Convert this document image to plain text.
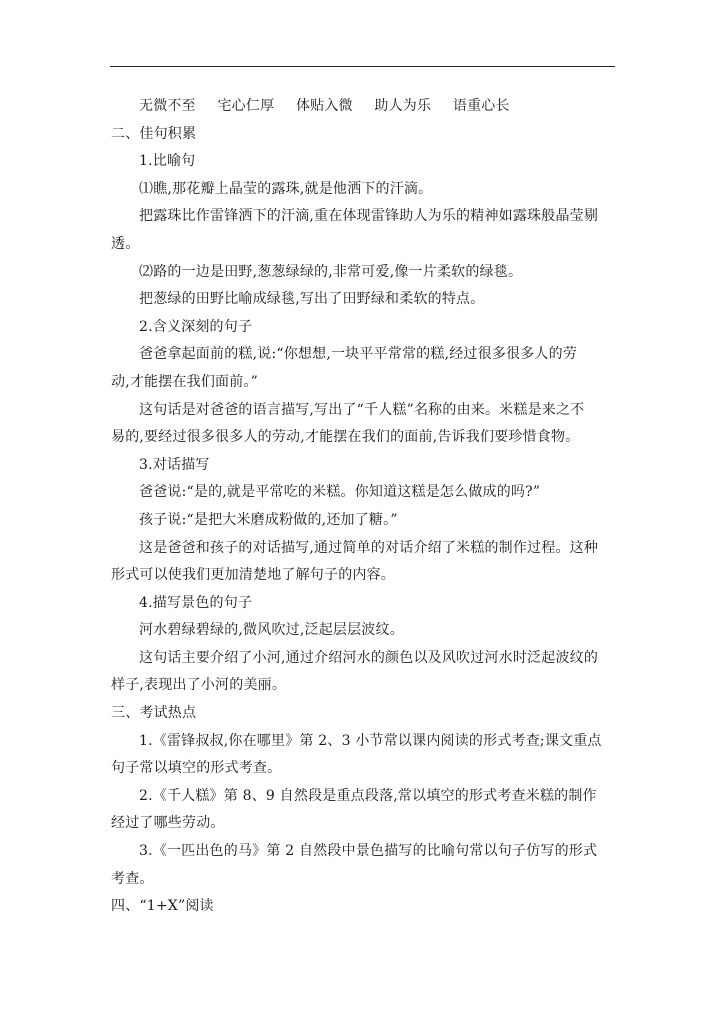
无微不至 宅心仁厚 体贴入微 助人为乐 语重心长
二、佳句积累
1.比喻句
⑴瞧,那花瓣上晶莹的露珠,就是他洒下的汗滴。
把露珠比作雷锋洒下的汗滴,重在体现雷锋助人为乐的精神如露珠般晶莹剔
透。
⑵路的一边是田野,葱葱绿绿的,非常可爱,像一片柔软的绿毯。
把葱绿的田野比喻成绿毯,写出了田野绿和柔软的特点。
2.含义深刻的句子
爸爸拿起面前的糕,说:“你想想,一块平平常常的糕,经过很多很多人的劳
动,才能摆在我们面前。”
这句话是对爸爸的语言描写,写出了“千人糕”名称的由来。米糕是来之不
易的,要经过很多很多人的劳动,才能摆在我们的面前,告诉我们要珍惜食物。
3.对话描写
爸爸说:“是的,就是平常吃的米糕。你知道这糕是怎么做成的吗?”
孩子说:“是把大米磨成粉做的,还加了糖。”
这是爸爸和孩子的对话描写,通过简单的对话介绍了米糕的制作过程。这种
形式可以使我们更加清楚地了解句子的内容。
4.描写景色的句子
河水碧绿碧绿的,微风吹过,泛起层层波纹。
这句话主要介绍了小河,通过介绍河水的颜色以及风吹过河水时泛起波纹的
样子,表现出了小河的美丽。
三、考试热点
1.《雷锋叔叔,你在哪里》第 2、3 小节常以课内阅读的形式考查;课文重点
句子常以填空的形式考查。
2.《千人糕》第 8、9 自然段是重点段落,常以填空的形式考查米糕的制作
经过了哪些劳动。
3.《一匹出色的马》第 2 自然段中景色描写的比喻句常以句子仿写的形式
考查。
四、“1+X”阅读
